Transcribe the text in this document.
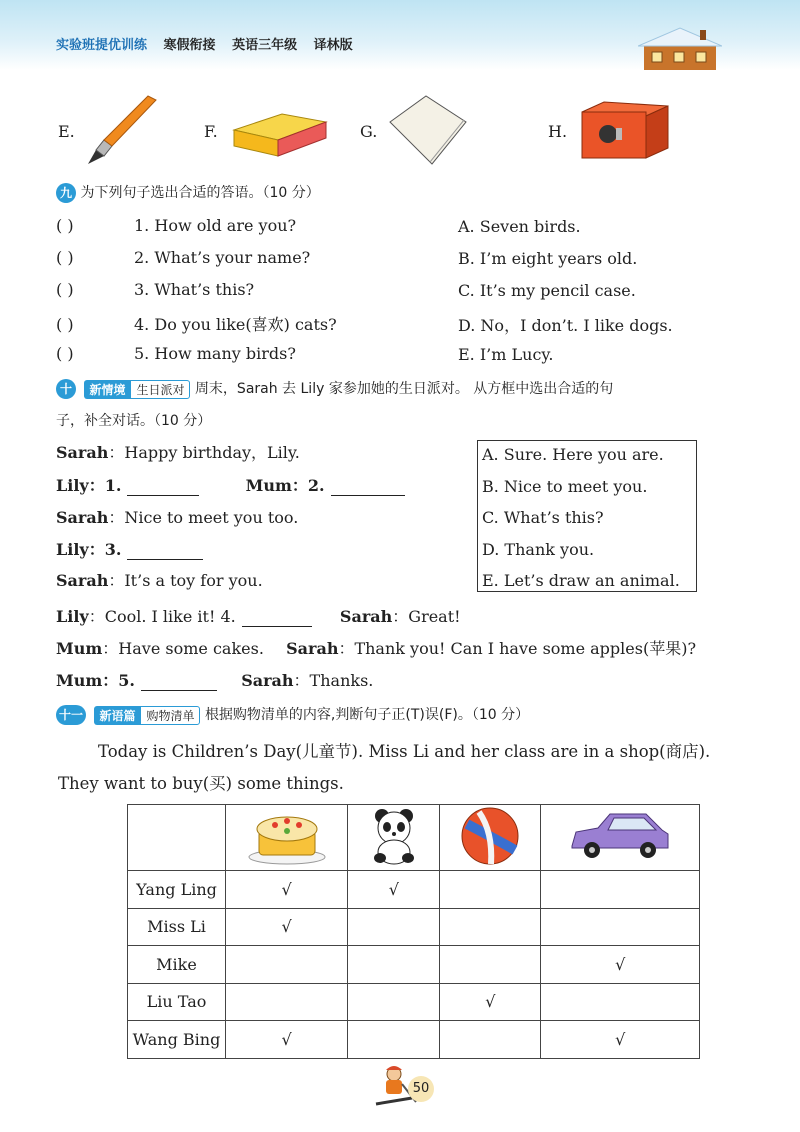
实验班提优训练 寒假衔接 英语三年级 译林版
E.	F.	G.	H.
九 为下列句子选出合适的答语。（10 分）
( )	1. How old are you?
( )	2. What’s your name?
( )	3. What’s this?
( )	4. Do you like(喜欢) cats?
( )	5. How many birds?
A. Seven birds.
B. I’m eight years old.
C. It’s my pencil case.
D. No，I don’t. I like dogs.
E. I’m Lucy.
十 新情境 生日派对 周末，Sarah 去 Lily 家参加她的生日派对。 从方框中选出合适的句
子，补全对话。（10 分）
Sarah：Happy birthday，Lily.
Lily：1.	Mum：2.
Sarah：Nice to meet you too.
Lily：3.
Sarah：It’s a toy for you.
Lily：Cool. I like it! 4.	Sarah：Great!
Mum：Have some cakes. Sarah：Thank you! Can I have some apples(苹果)?
Mum：5.	Sarah：Thanks.
A. Sure. Here you are.
B. Nice to meet you.
C. What’s this?
D. Thank you.
E. Let’s draw an animal.
十一 新语篇 购物清单 根据购物清单的内容,判断句子正(T)误(F)。（10 分）
Today is Children’s Day(儿童节). Miss Li and her class are in a shop(商店).
They want to buy(买) some things.

Yang Ling	√	√		
Miss Li	√			
Mike				√
Liu Tao			√	
Wang Bing	√			√
50
